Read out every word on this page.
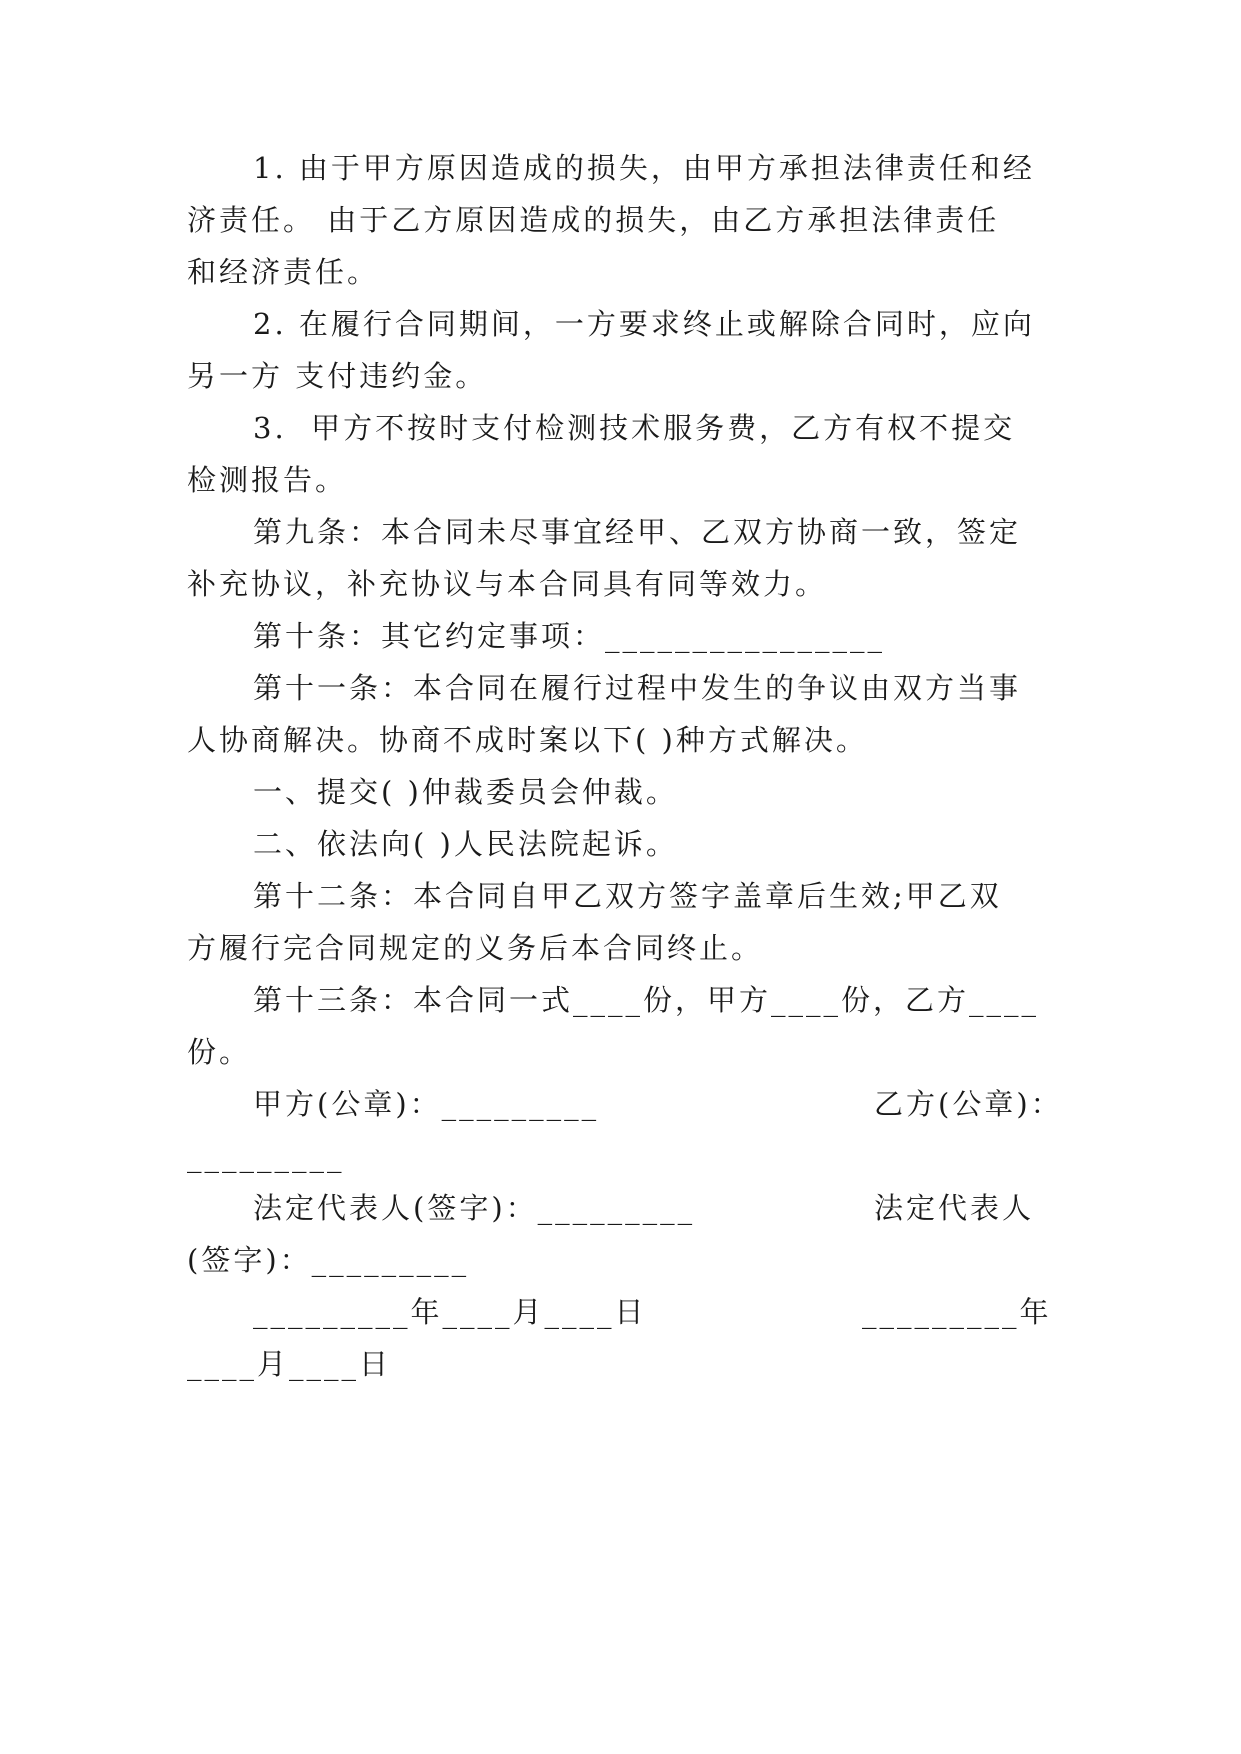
1. 由于甲方原因造成的损失，由甲方承担法律责任和经
济责任。 由于乙方原因造成的损失，由乙方承担法律责任
和经济责任。
2. 在履行合同期间，一方要求终止或解除合同时，应向
另一方 支付违约金。
3.  甲方不按时支付检测技术服务费，乙方有权不提交
检测报告。
第九条：本合同未尽事宜经甲、乙双方协商一致，签定
补充协议，补充协议与本合同具有同等效力。
第十条：其它约定事项：________________
第十一条：本合同在履行过程中发生的争议由双方当事
人协商解决。协商不成时案以下( )种方式解决。
一、提交( )仲裁委员会仲裁。
二、依法向( )人民法院起诉。
第十二条：本合同自甲乙双方签字盖章后生效;甲乙双
方履行完合同规定的义务后本合同终止。
第十三条：本合同一式____份，甲方____份，乙方____
份。
甲方(公章)：_________	乙方(公章)：
_________
法定代表人(签字)：_________	法定代表人
(签字)：_________
_________年____月____日	_________年
____月____日
